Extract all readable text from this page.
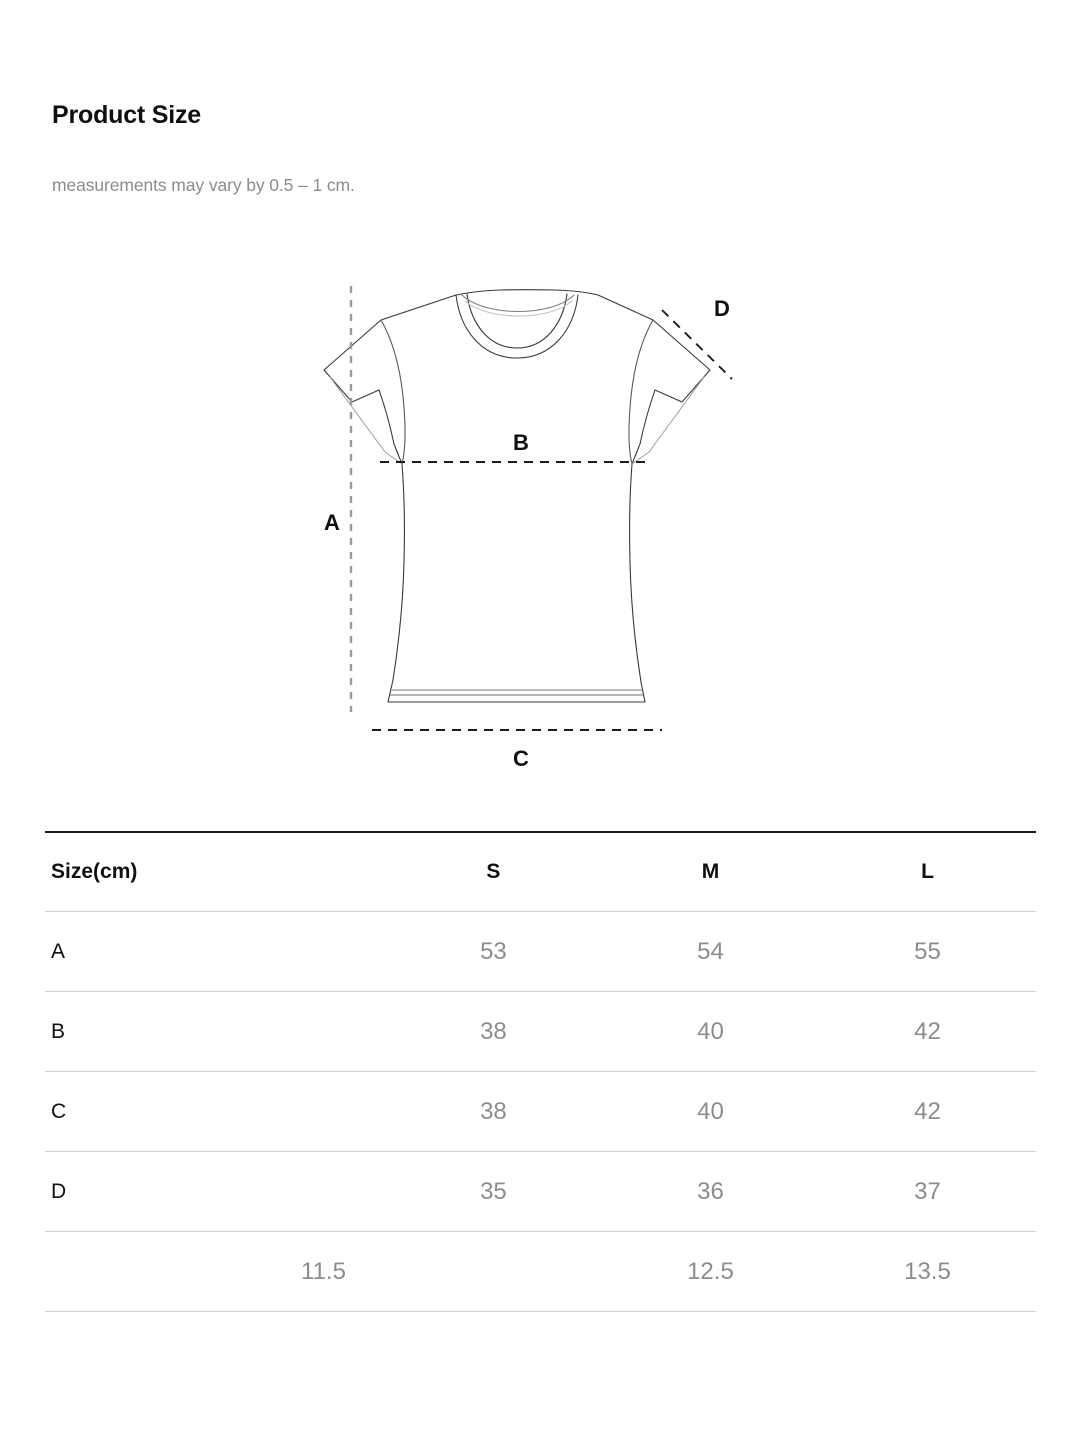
Product Size

measurements may vary by 0.5 – 1 cm.

A
B
C
D
Size(cm)	S	M	L
A	53	54	55
B	38	40	42
C	38	40	42
D	35	36	37
11.5		12.5	13.5
